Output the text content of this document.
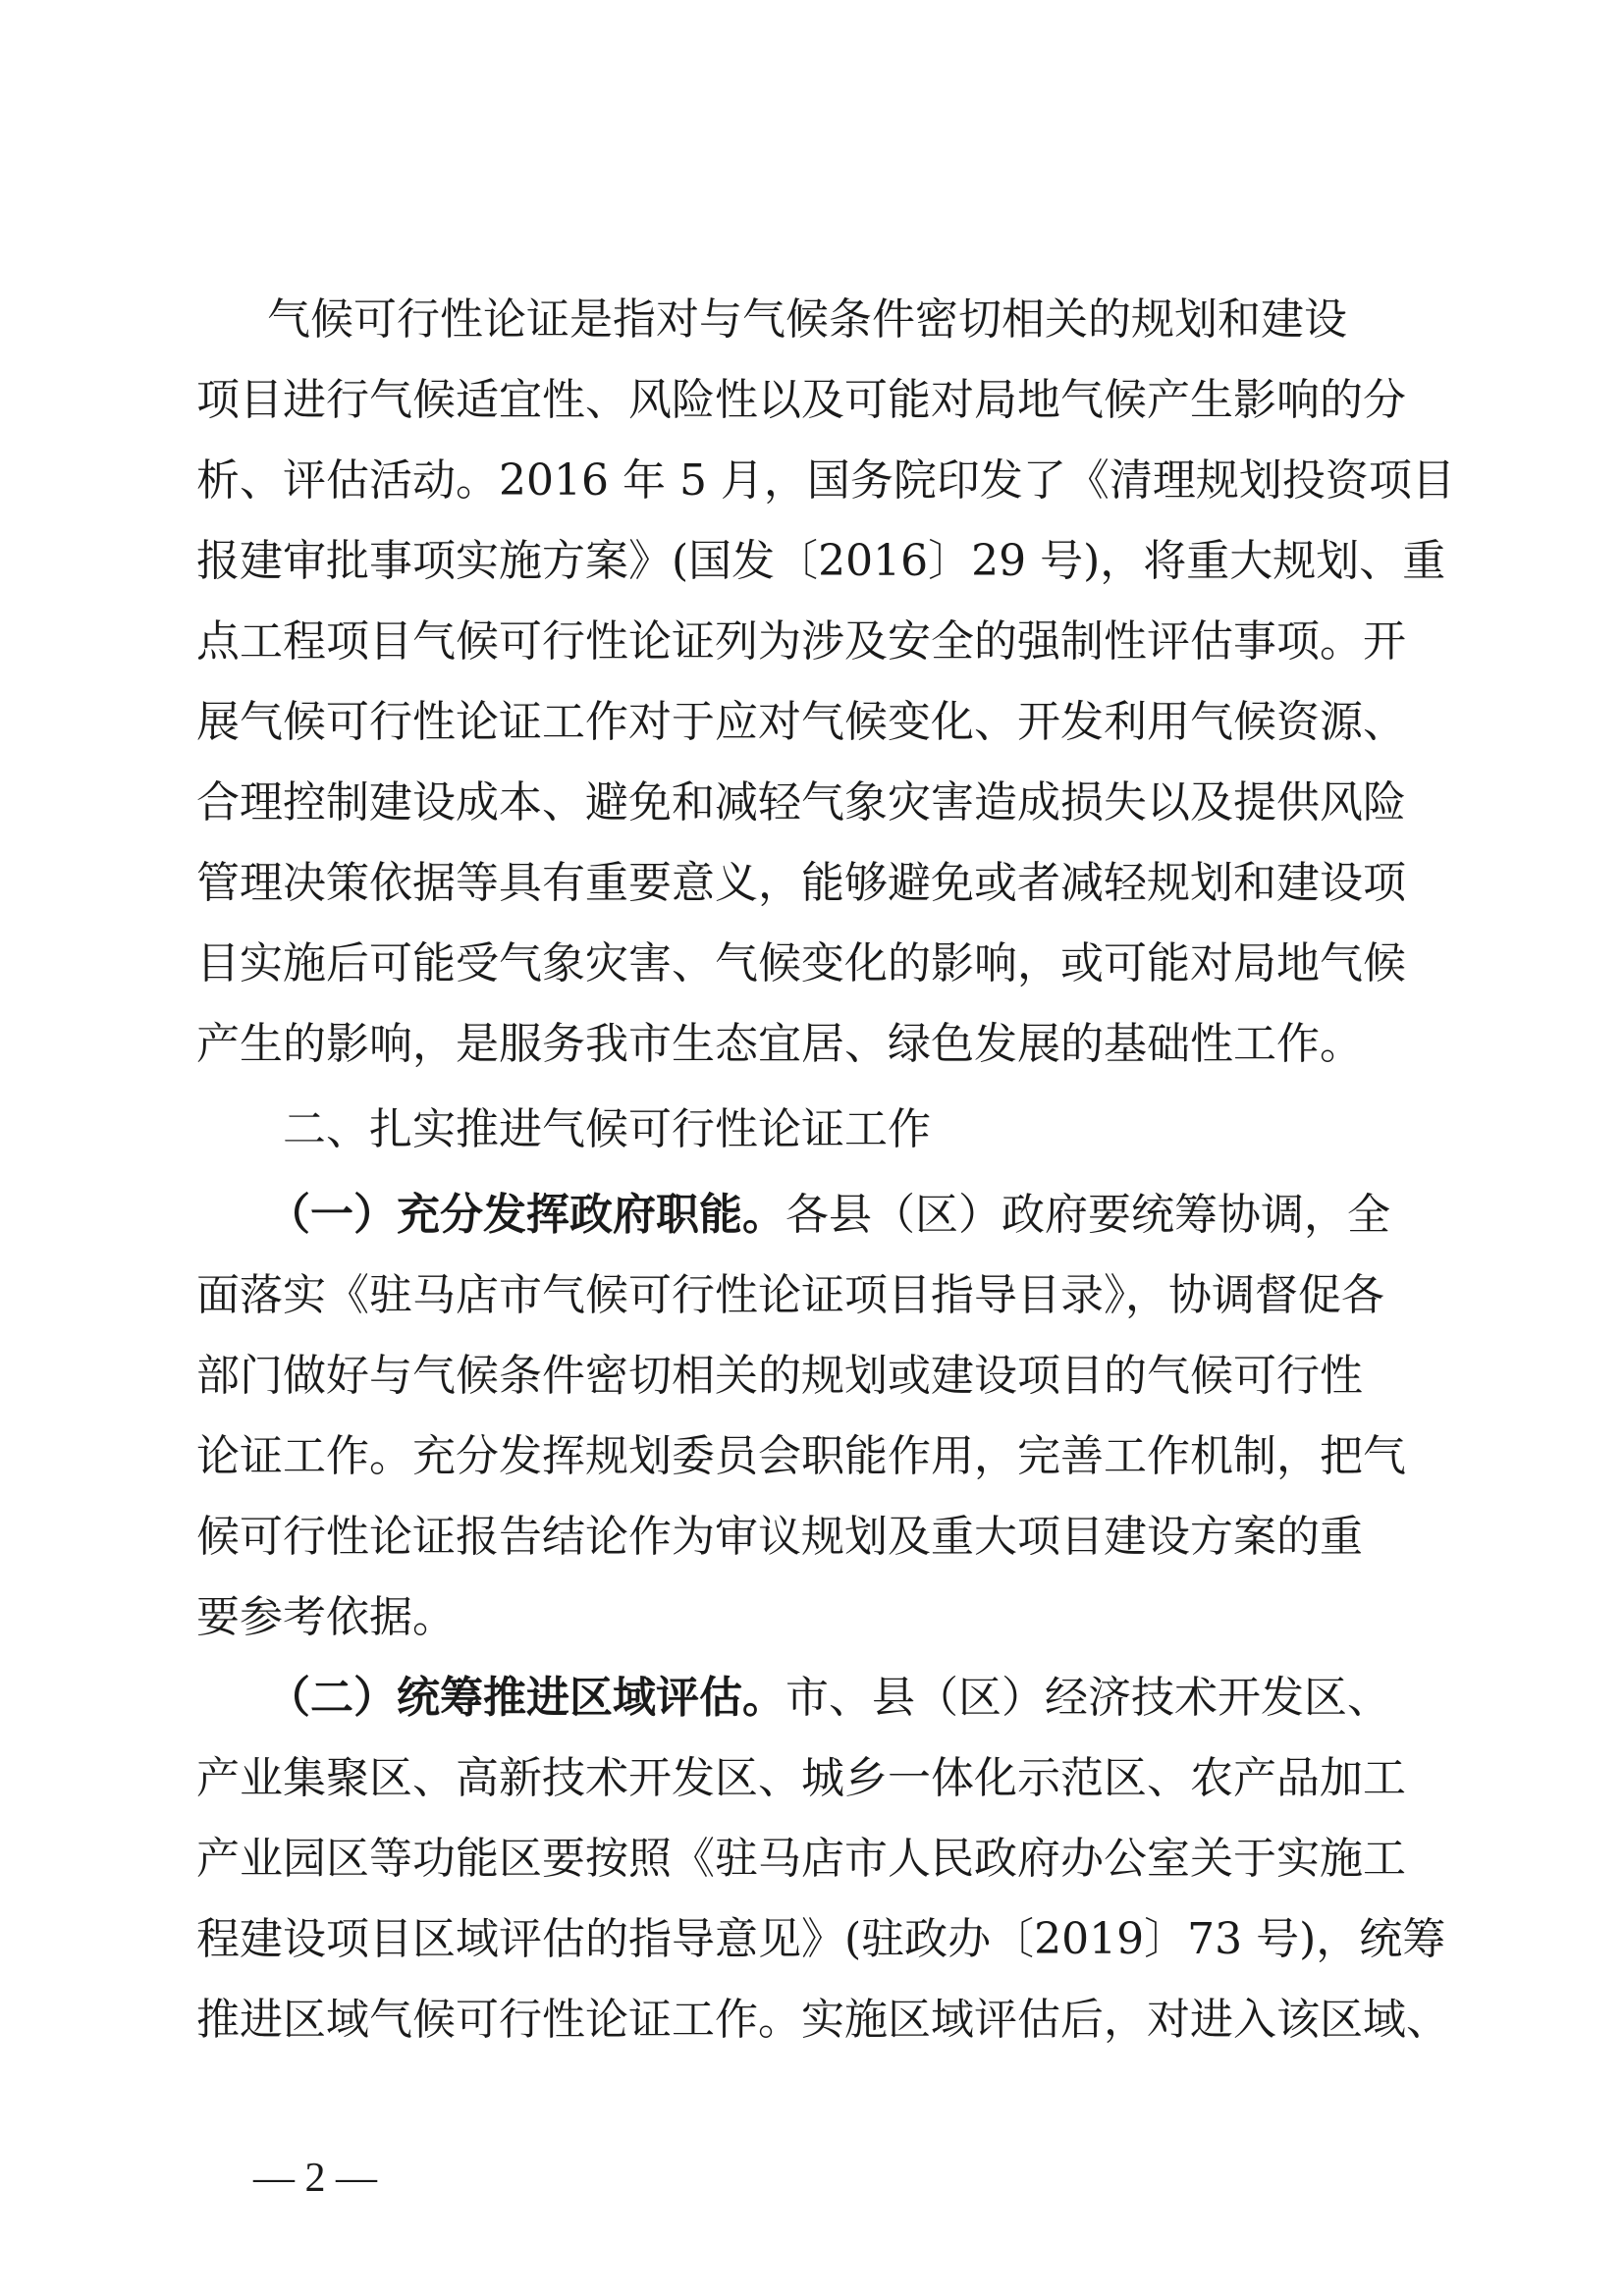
气候可行性论证是指对与气候条件密切相关的规划和建设
项目进行气候适宜性、风险性以及可能对局地气候产生影响的分
析、评估活动。2016 年 5 月，国务院印发了《清理规划投资项目
报建审批事项实施方案》(国发〔2016〕29 号)，将重大规划、重
点工程项目气候可行性论证列为涉及安全的强制性评估事项。开
展气候可行性论证工作对于应对气候变化、开发利用气候资源、
合理控制建设成本、避免和减轻气象灾害造成损失以及提供风险
管理决策依据等具有重要意义，能够避免或者减轻规划和建设项
目实施后可能受气象灾害、气候变化的影响，或可能对局地气候
产生的影响，是服务我市生态宜居、绿色发展的基础性工作。
二、扎实推进气候可行性论证工作
（一）充分发挥政府职能。各县（区）政府要统筹协调，全
面落实《驻马店市气候可行性论证项目指导目录》，协调督促各
部门做好与气候条件密切相关的规划或建设项目的气候可行性
论证工作。充分发挥规划委员会职能作用，完善工作机制，把气
候可行性论证报告结论作为审议规划及重大项目建设方案的重
要参考依据。
（二）统筹推进区域评估。市、县（区）经济技术开发区、
产业集聚区、高新技术开发区、城乡一体化示范区、农产品加工
产业园区等功能区要按照《驻马店市人民政府办公室关于实施工
程建设项目区域评估的指导意见》(驻政办〔2019〕73 号)，统筹
推进区域气候可行性论证工作。实施区域评估后，对进入该区域、
— 2 —
